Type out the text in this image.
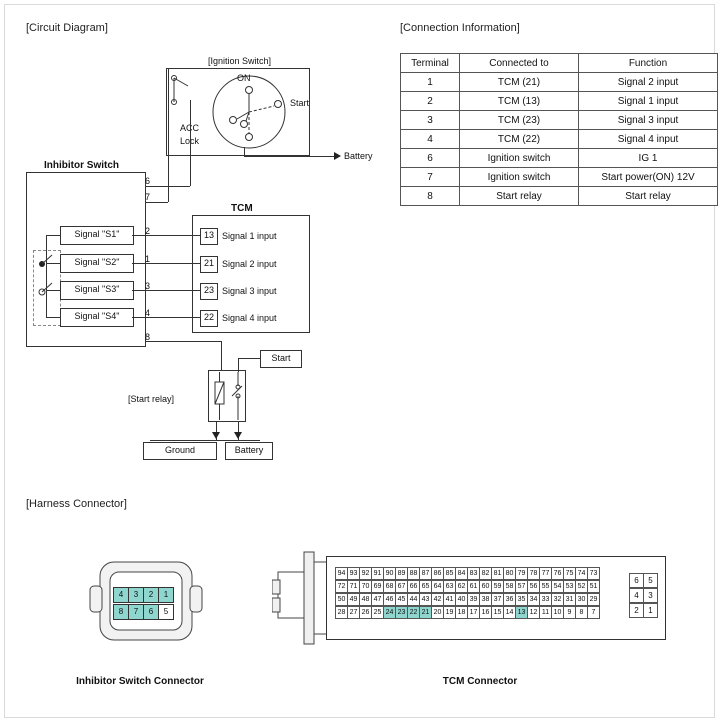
[Circuit Diagram]	[Connection Information]
[Harness Connector]
Terminal	Connected to	Function
1	TCM (21)	Signal 2 input
2	TCM (13)	Signal 1 input
3	TCM (23)	Signal 3 input
4	TCM (22)	Signal 4 input
6	Ignition switch	IG 1
7	Ignition switch	Start power(ON) 12V
8	Start relay	Start relay
[Ignition Switch]
ON
Start
ACC
Lock
Battery
Inhibitor Switch
6
7
TCM
Signal "S1"
Signal "S2"
Signal "S3"
Signal "S4"
2
1
3
4
8
13
21
23
22
Signal 1 input
Signal 2 input
Signal 3 input
Signal 4 input
[Start relay]
Start
Ground	Battery
4	3	2	1
8	7	6	5
Inhibitor Switch Connector
94 93 92 91 90 89 88 87 86 85 84 83 82 81 80 79 78 77 76 75 74 73
72 71 70 69 68 67 66 65 64 63 62 61 60 59 58 57 56 55 54 53 52 51
50 49 48 47 46 45 44 43 42 41 40 39 38 37 36 35 34 33 32 31 30 29
28 27 26 25 24 23 22 21 20 19 18 17 16 15 14 13 12 11 10 9	8	7
6	5
4	3
2	1
TCM Connector
